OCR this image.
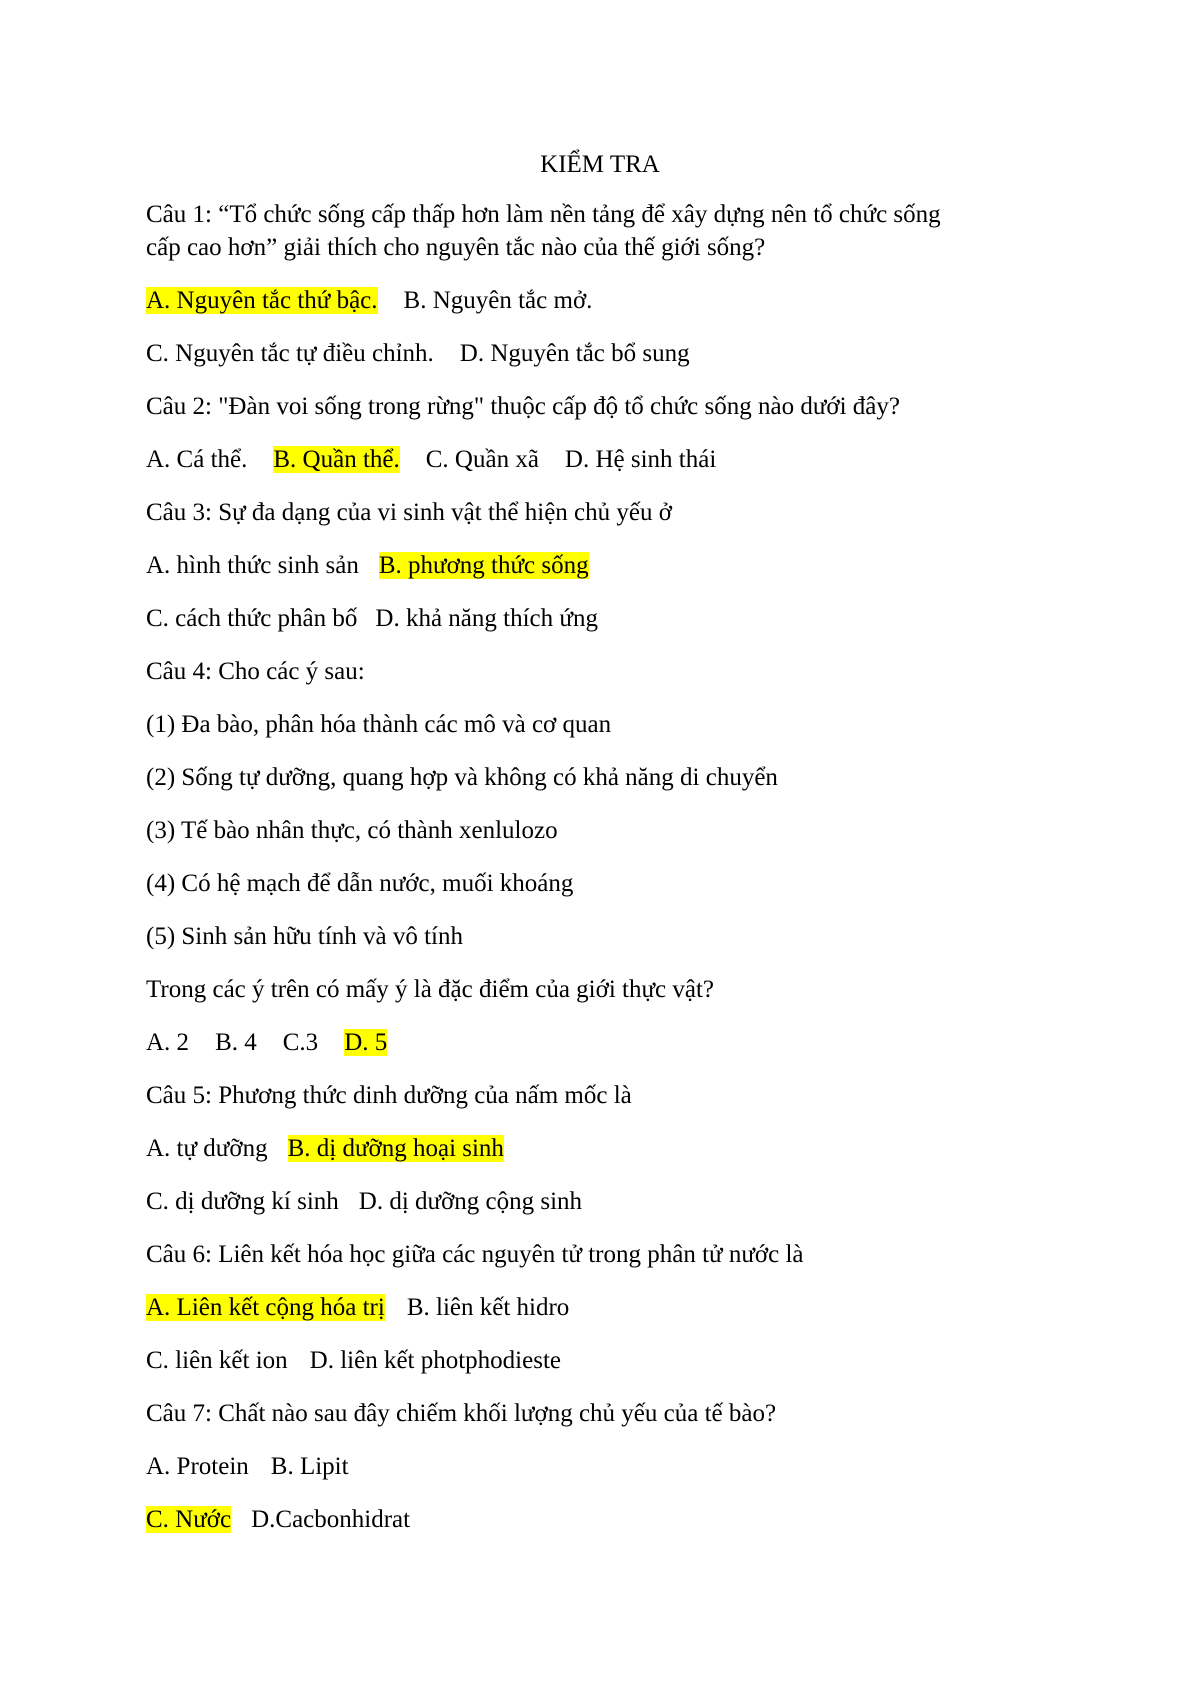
KIỂM TRA
Câu 1: “Tổ chức sống cấp thấp hơn làm nền tảng để xây dựng nên tổ chức sống
cấp cao hơn” giải thích cho nguyên tắc nào của thế giới sống?
A. Nguyên tắc thứ bậc. B. Nguyên tắc mở.
C. Nguyên tắc tự điều chỉnh. D. Nguyên tắc bổ sung
Câu 2: "Đàn voi sống trong rừng" thuộc cấp độ tổ chức sống nào dưới đây?
A. Cá thể. B. Quần thể. C. Quần xã D. Hệ sinh thái
Câu 3: Sự đa dạng của vi sinh vật thể hiện chủ yếu ở
A. hình thức sinh sản B. phương thức sống
C. cách thức phân bố D. khả năng thích ứng
Câu 4: Cho các ý sau:
(1) Đa bào, phân hóa thành các mô và cơ quan
(2) Sống tự dưỡng, quang hợp và không có khả năng di chuyển
(3) Tế bào nhân thực, có thành xenlulozo
(4) Có hệ mạch để dẫn nước, muối khoáng
(5) Sinh sản hữu tính và vô tính
Trong các ý trên có mấy ý là đặc điểm của giới thực vật?
A. 2 B. 4 C.3 D. 5
Câu 5: Phương thức dinh dưỡng của nấm mốc là
A. tự dưỡng B. dị dưỡng hoại sinh
C. dị dưỡng kí sinh D. dị dưỡng cộng sinh
Câu 6: Liên kết hóa học giữa các nguyên tử trong phân tử nước là
A. Liên kết cộng hóa trị B. liên kết hidro
C. liên kết ion D. liên kết photphodieste
Câu 7: Chất nào sau đây chiếm khối lượng chủ yếu của tế bào?
A. Protein B. Lipit
C. Nước D.Cacbonhidrat
